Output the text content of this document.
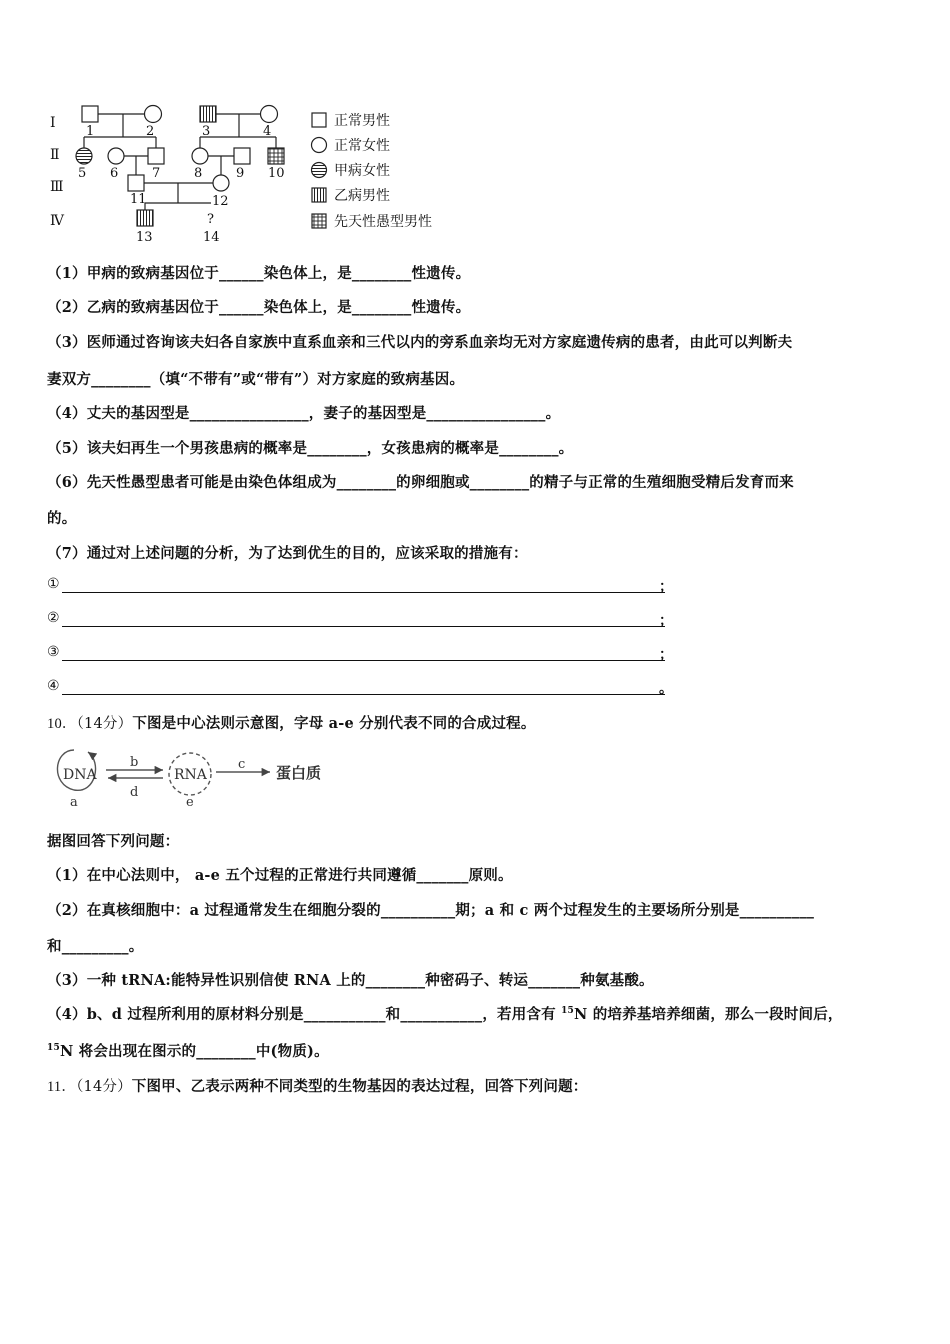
Ⅰ
Ⅱ
Ⅲ
Ⅳ	?
1	2	3	4
5 6	7	8	9 10
11	12
13	14
正常男性
正常女性
甲病女性
乙病男性
先天性愚型男性
（1）甲病的致病基因位于______染色体上，是________性遗传。
（2）乙病的致病基因位于______染色体上，是________性遗传。
（3）医师通过咨询该夫妇各自家族中直系血亲和三代以内的旁系血亲均无对方家庭遗传病的患者，由此可以判断夫
妻双方________（填“不带有”或“带有”）对方家庭的致病基因。
（4）丈夫的基因型是________________，妻子的基因型是________________。
（5）该夫妇再生一个男孩患病的概率是________，女孩患病的概率是________。
（6）先天性愚型患者可能是由染色体组成为________的卵细胞或________的精子与正常的生殖细胞受精后发育而来
的。
（7）通过对上述问题的分析，为了达到优生的目的，应该采取的措施有：
①	；
②	；
③	；
④	。
10．（14分）下图是中心法则示意图，字母 a-e 分别代表不同的合成过程。
DNA	RNA	蛋白质
a
b	c
d
e
据图回答下列问题：
（1）在中心法则中， a-e 五个过程的正常进行共同遵循_______原则。
（2）在真核细胞中：a 过程通常发生在细胞分裂的__________期；a 和 c 两个过程发生的主要场所分别是__________
和_________。
（3）一种 tRNA:能特异性识别信使 RNA 上的________种密码子、转运_______种氨基酸。
（4）b、d 过程所利用的原材料分别是___________和___________，若用含有 $^{15}$N 的培养基培养细菌，那么一段时间后，
$^{15}$N 将会出现在图示的________中(物质)。
11．（14分）下图甲、乙表示两种不同类型的生物基因的表达过程，回答下列问题：
